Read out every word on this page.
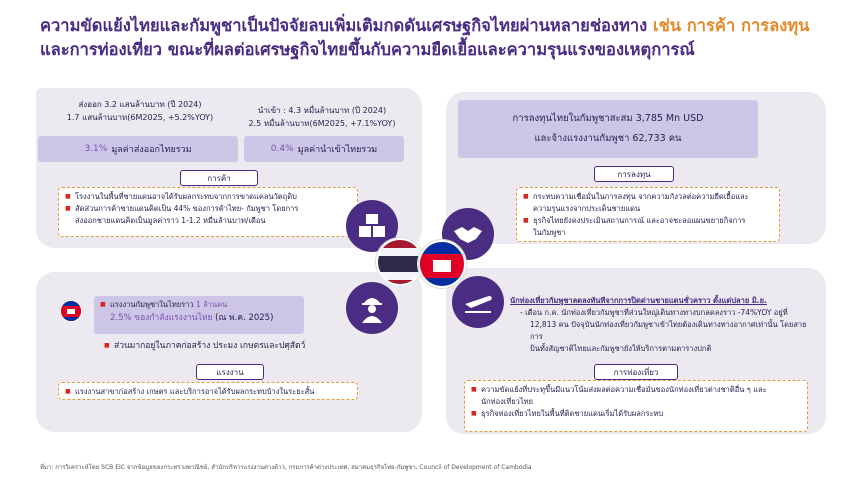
ความขัดแย้งไทยและกัมพูชาเป็นปัจจัยลบเพิ่มเติมกดดันเศรษฐกิจไทยผ่านหลายช่องทาง เช่น การค้า การลงทุน
และการท่องเที่ยว ขณะที่ผลต่อเศรษฐกิจไทยขึ้นกับความยืดเยื้อและความรุนแรงของเหตุการณ์
ส่งออก 3.2 แสนล้านบาท (ปี 2024)
1.7 แสนล้านบาท(6M2025, +5.2%YOY)
นำเข้า : 4.3 หมื่นล้านบาท (ปี 2024)
2.5 หมื่นล้านบาท(6M2025, +7.1%YOY)
3.1% มูลค่าส่งออกไทยรวม	0.4% มูลค่านำเข้าไทยรวม
การค้า
■ โรงงานในพื้นที่ชายแดนอาจได้รับผลกระทบจากการขาดแคลนวัตถุดิบ
■ สัดส่วนการค้าชายแดนคิดเป็น 44% ของการค้าไทย- กัมพูชา โดยการ
ส่งออกชายแดนคิดเป็นมูลค่าราว 1-1.2 หมื่นล้านบาท/เดือน
การลงทุนไทยในกัมพูชาสะสม 3,785 Mn USD
และจ้างแรงงานกัมพูชา 62,733 คน
การลงทุน
■ กระทบความเชื่อมั่นในการลงทุน จากความกังวลต่อความยืดเยื้อและ
ความรุนแรงจากประเด็นชายแดน
■ ธุรกิจไทยยังคงประเมินสถานการณ์ และอาจชะลอแผนขยายกิจการ
ในกัมพูชา
■ แรงงานกัมพูชาในไทยราว 1 ล้านคน
2.5% ของกำลังแรงงานไทย (ณ พ.ค. 2025)
■ ส่วนมากอยู่ในภาคก่อสร้าง ประมง เกษตรและปศุสัตว์
แรงงาน
■ แรงงานสาขาก่อสร้าง เกษตร และบริการอาจได้รับผลกระทบบ้างในระยะสั้น
นักท่องเที่ยวกัมพูชาลดลงทันทีจากการปิดด่านชายแดนชั่วคราว ตั้งแต่ปลาย มิ.ย.
- เดือน ก.ค. นักท่องเที่ยวกัมพูชาที่ส่วนใหญ่เดินทางทางบกลดลงราว -74%YOY อยู่ที่
12,813 คน ปัจจุบันนักท่องเที่ยวกัมพูชาเข้าไทยต้องเดินทางทางอากาศเท่านั้น โดยสายการ
บินทั้งสัญชาติไทยและกัมพูชายังให้บริการตามตารางปกติ
การท่องเที่ยว
■ ความขัดแย้งที่ประทุขึ้นมีแนวโน้มส่งผลต่อความเชื่อมั่นของนักท่องเที่ยวต่างชาติอื่น ๆ และ
นักท่องเที่ยวไทย
■ ธุรกิจท่องเที่ยวไทยในพื้นที่ติดชายแดนเริ่มได้รับผลกระทบ
ที่มา: การวิเคราะห์โดย SCB EIC จากข้อมูลของกระทรวงพาณิชย์, สำนักบริหารแรงงานต่างด้าว, กรมการค้าต่างประเทศ, สมาคมธุรกิจไทย-กัมพูชา, Council of Development of Cambodia
